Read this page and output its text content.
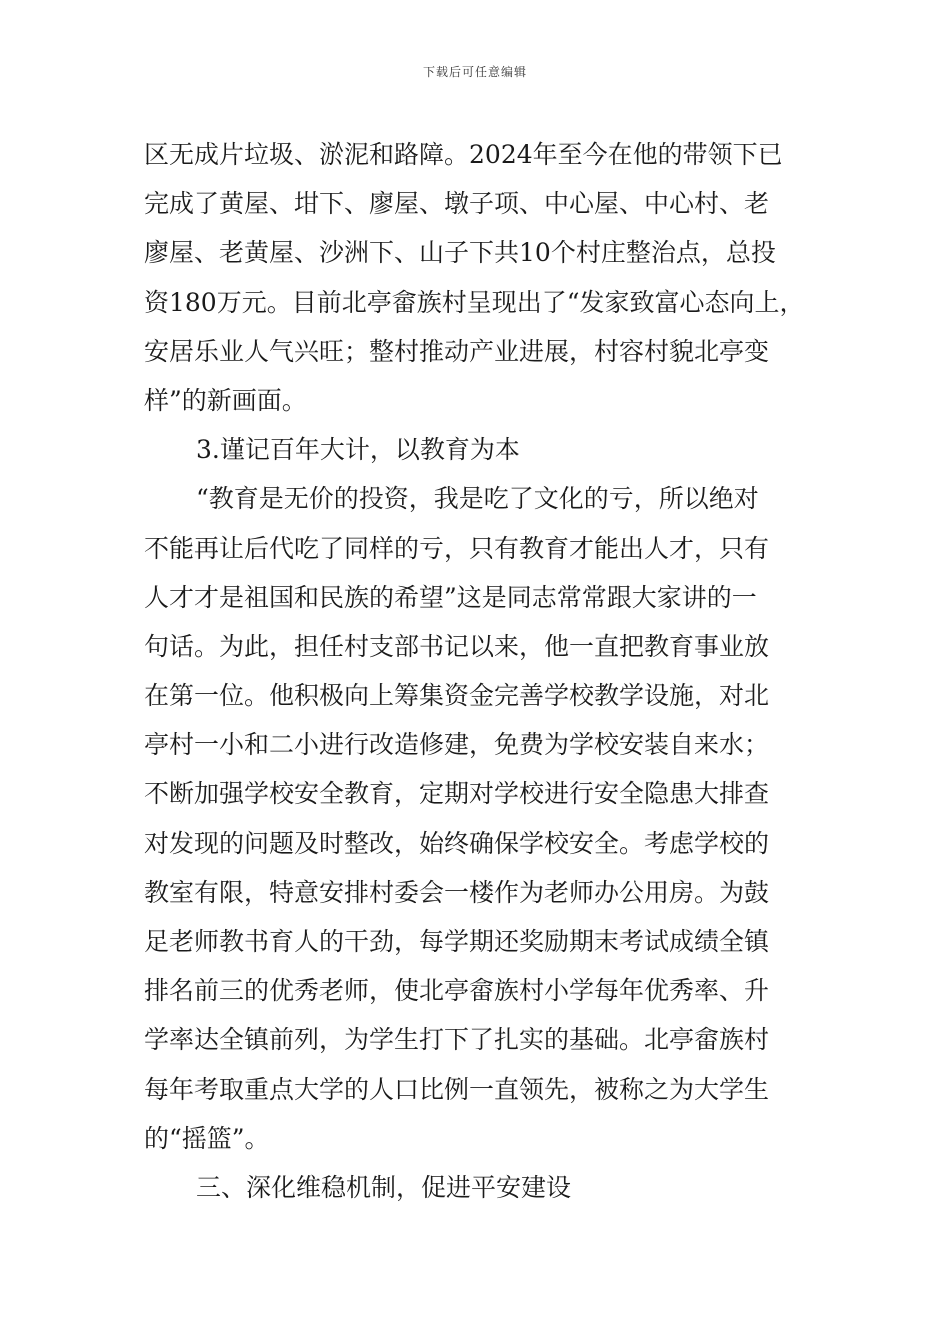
下载后可任意编辑
区无成片垃圾、淤泥和路障。2024年至今在他的带领下已
完成了黄屋、坩下、廖屋、墩子项、中心屋、中心村、老
廖屋、老黄屋、沙洲下、山子下共10个村庄整治点，总投
资180万元。目前北亭畲族村呈现出了“发家致富心态向上，
安居乐业人气兴旺；整村推动产业进展，村容村貌北亭变
样”的新画面。
3.谨记百年大计，以教育为本
“教育是无价的投资，我是吃了文化的亏，所以绝对
不能再让后代吃了同样的亏，只有教育才能出人才，只有
人才才是祖国和民族的希望”这是同志常常跟大家讲的一
句话。为此，担任村支部书记以来，他一直把教育事业放
在第一位。他积极向上筹集资金完善学校教学设施，对北
亭村一小和二小进行改造修建，免费为学校安装自来水；
不断加强学校安全教育，定期对学校进行安全隐患大排查
对发现的问题及时整改，始终确保学校安全。考虑学校的
教室有限，特意安排村委会一楼作为老师办公用房。为鼓
足老师教书育人的干劲，每学期还奖励期末考试成绩全镇
排名前三的优秀老师，使北亭畲族村小学每年优秀率、升
学率达全镇前列，为学生打下了扎实的基础。北亭畲族村
每年考取重点大学的人口比例一直领先，被称之为大学生
的“摇篮”。
三、深化维稳机制，促进平安建设
